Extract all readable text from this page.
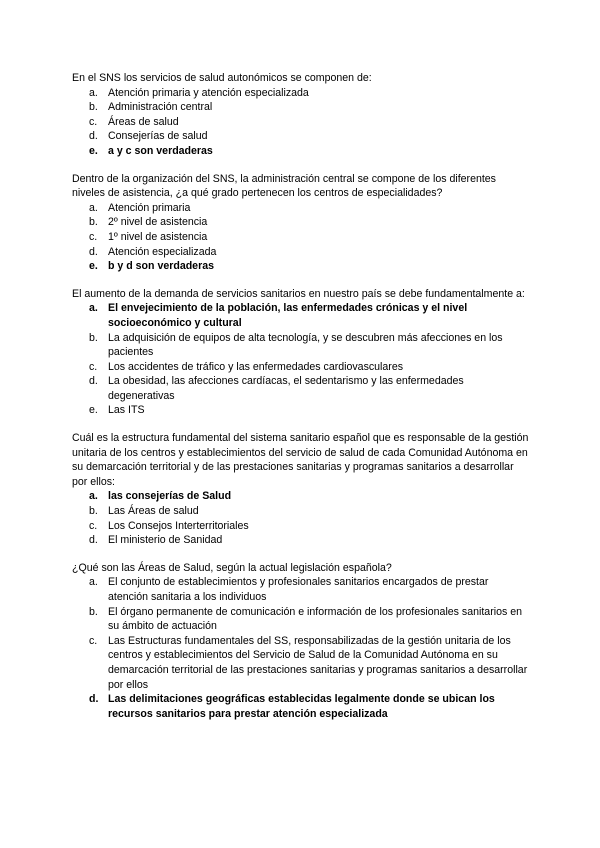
En el SNS los servicios de salud autonómicos se componen de:

a. Atención primaria y atención especializada
b. Administración central
c. Áreas de salud
d. Consejerías de salud
e. a y c son verdaderas

Dentro de la organización del SNS, la administración central se compone de los diferentes niveles de asistencia, ¿a qué grado pertenecen los centros de especialidades?

a. Atención primaria
b. 2º nivel de asistencia
c. 1º nivel de asistencia
d. Atención especializada
e. b y d son verdaderas

El aumento de la demanda de servicios sanitarios en nuestro país se debe fundamentalmente a:

a. El envejecimiento de la población, las enfermedades crónicas y el nivel socioeconómico y cultural
b. La adquisición de equipos de alta tecnología, y se descubren más afecciones en los pacientes
c. Los accidentes de tráfico y las enfermedades cardiovasculares
d. La obesidad, las afecciones cardíacas, el sedentarismo y las enfermedades degenerativas
e. Las ITS

Cuál es la estructura fundamental del sistema sanitario español que es responsable de la gestión unitaria de los centros y establecimientos del servicio de salud de cada Comunidad Autónoma en su demarcación territorial y de las prestaciones sanitarias y programas sanitarios a desarrollar por ellos:

a. las consejerías de Salud
b. Las Áreas de salud
c. Los Consejos Interterritoriales
d. El ministerio de Sanidad

¿Qué son las Áreas de Salud, según la actual legislación española?

a. El conjunto de establecimientos y profesionales sanitarios encargados de prestar atención sanitaria a los individuos
b. El órgano permanente de comunicación e información de los profesionales sanitarios en su ámbito de actuación
c. Las Estructuras fundamentales del SS, responsabilizadas de la gestión unitaria de los centros y establecimientos del Servicio de Salud de la Comunidad Autónoma en su demarcación territorial de las prestaciones sanitarias y programas sanitarios a desarrollar por ellos
d. Las delimitaciones geográficas establecidas legalmente donde se ubican los recursos sanitarios para prestar atención especializada
